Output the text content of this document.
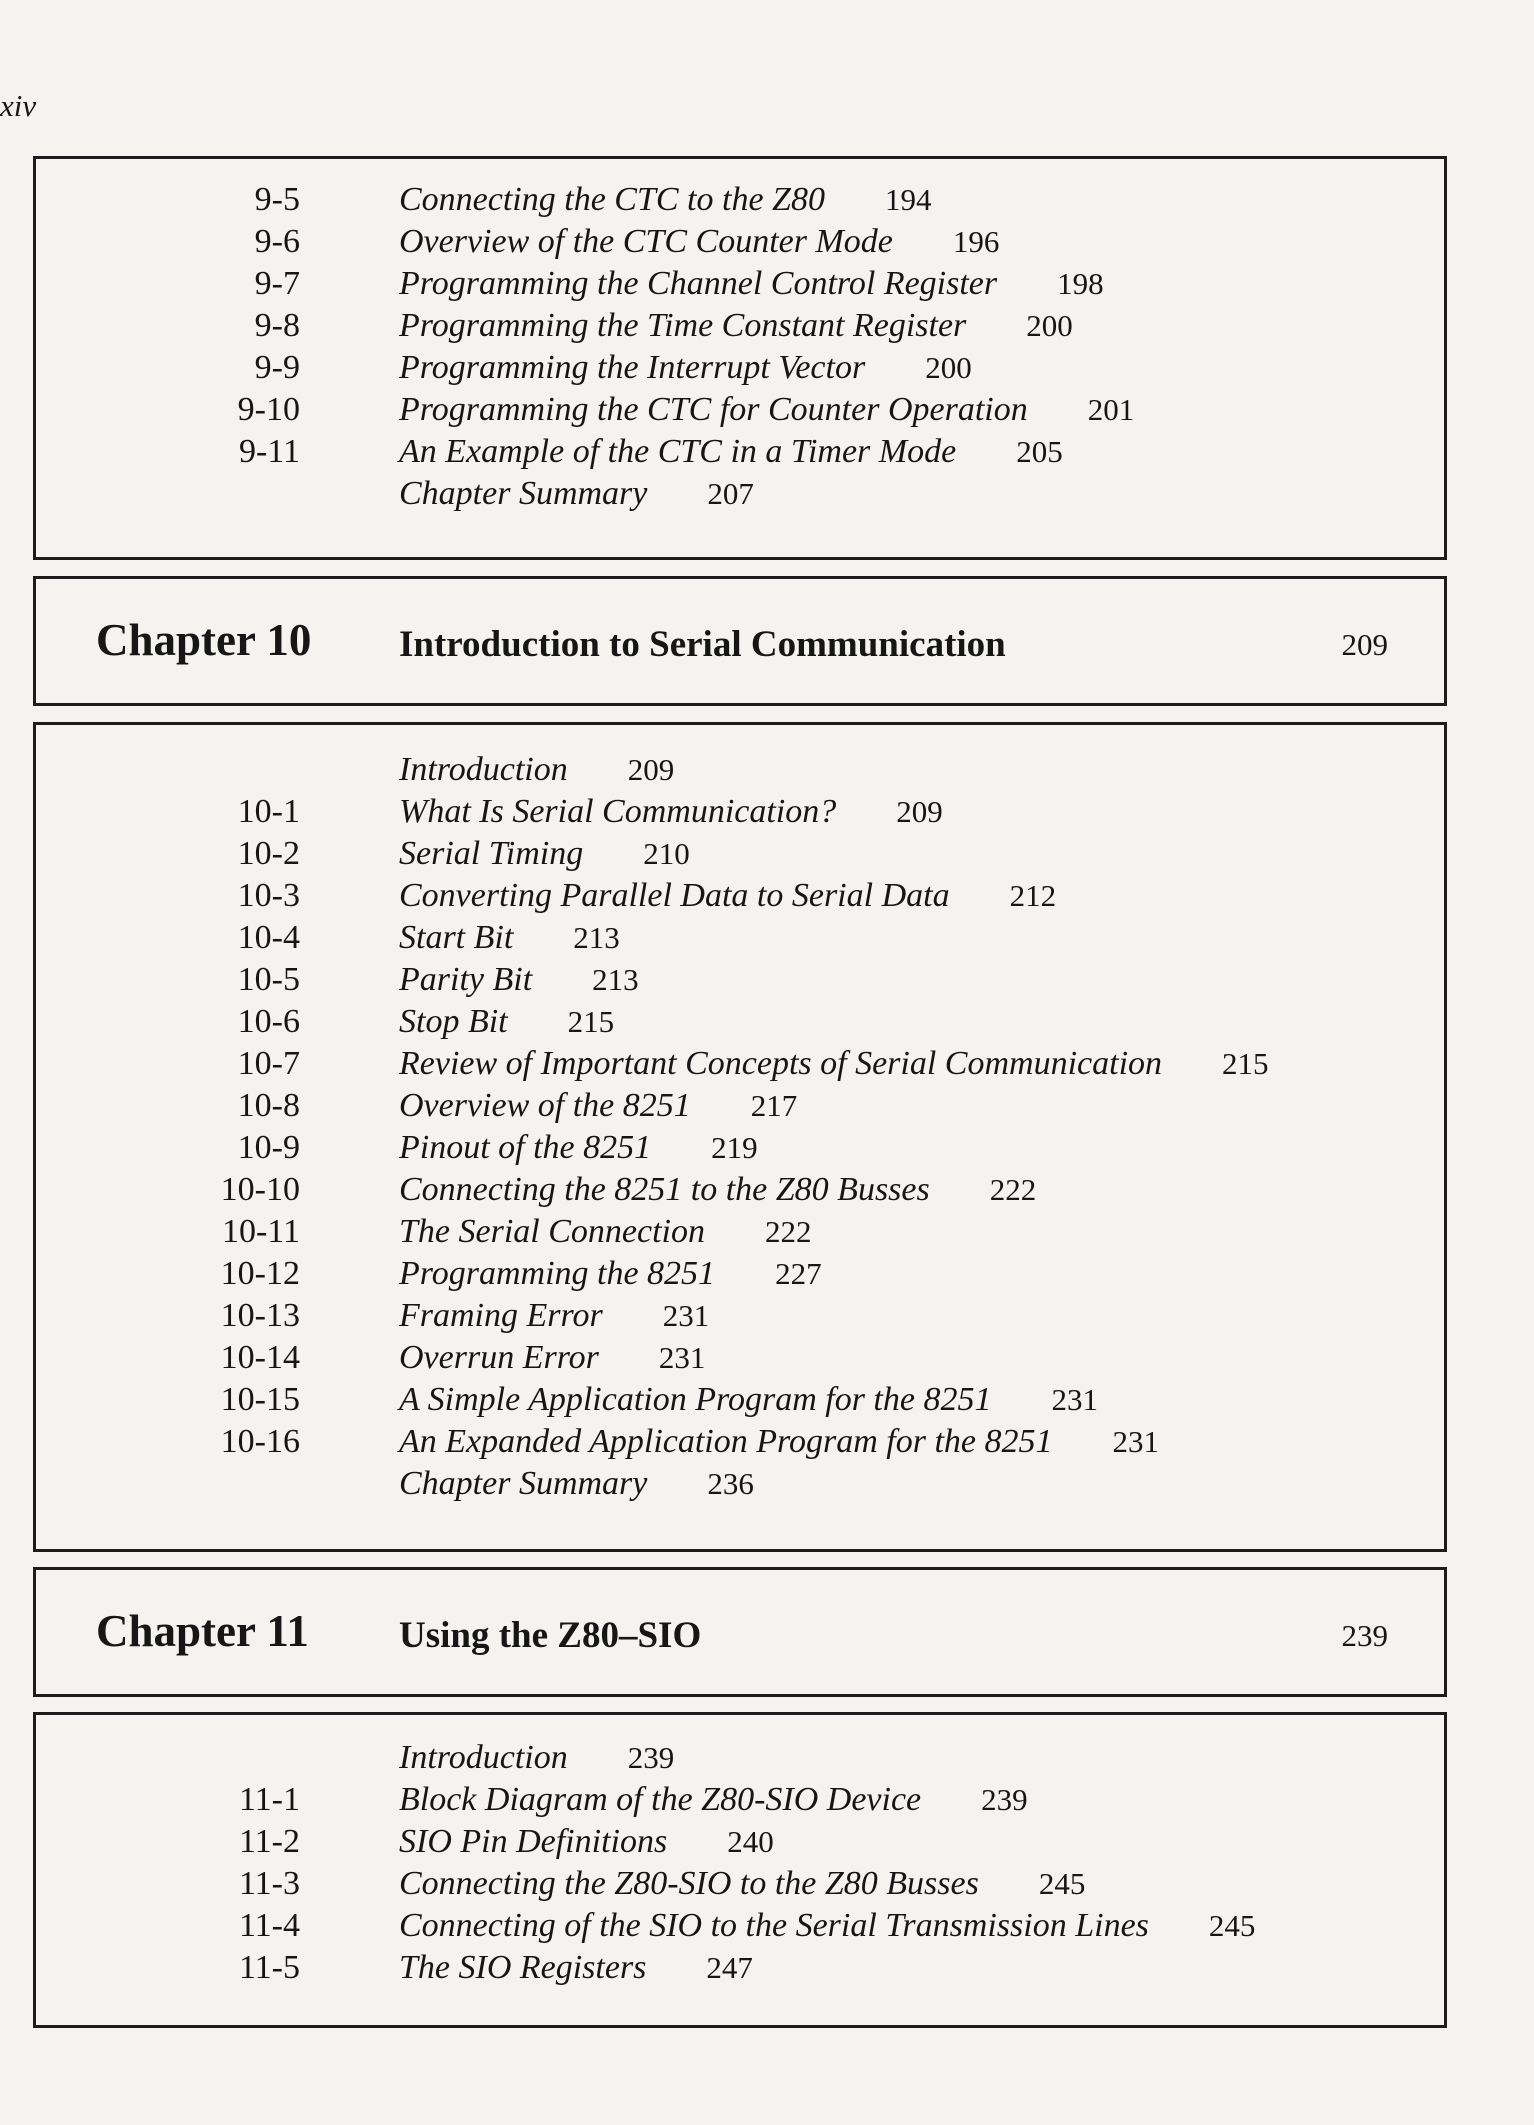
xiv
9-5	Connecting the CTC to the Z80 194
9-6	Overview of the CTC Counter Mode 196
9-7	Programming the Channel Control Register 198
9-8	Programming the Time Constant Register 200
9-9	Programming the Interrupt Vector 200
9-10	Programming the CTC for Counter Operation 201
9-11	An Example of the CTC in a Timer Mode 205
Chapter Summary 207
Chapter 10 Introduction to Serial Communication	209
Introduction 209
10-1	What Is Serial Communication? 209
10-2	Serial Timing 210
10-3	Converting Parallel Data to Serial Data 212
10-4	Start Bit 213
10-5	Parity Bit 213
10-6	Stop Bit 215
10-7	Review of Important Concepts of Serial Communication 215
10-8	Overview of the 8251 217
10-9	Pinout of the 8251 219
10-10	Connecting the 8251 to the Z80 Busses 222
10-11	The Serial Connection 222
10-12	Programming the 8251 227
10-13	Framing Error 231
10-14	Overrun Error 231
10-15	A Simple Application Program for the 8251 231
10-16	An Expanded Application Program for the 8251 231
Chapter Summary 236
Chapter 11 Using the Z80–SIO	239
Introduction 239
11-1	Block Diagram of the Z80-SIO Device 239
11-2	SIO Pin Definitions 240
11-3	Connecting the Z80-SIO to the Z80 Busses 245
11-4	Connecting of the SIO to the Serial Transmission Lines 245
11-5	The SIO Registers 247
